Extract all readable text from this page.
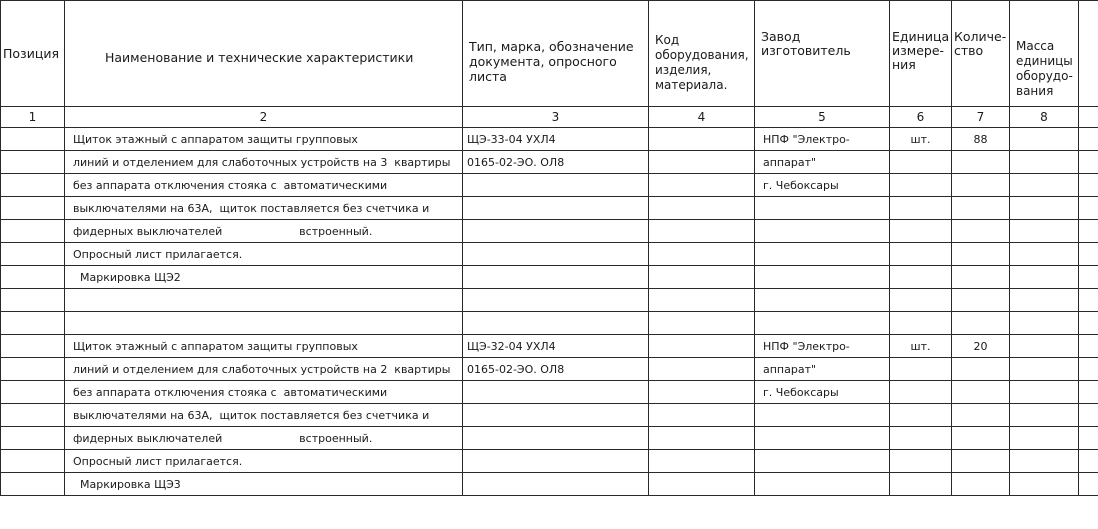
Позиция	Наименование и технические характеристики	Тип, марка, обозначение документа, опросного листа	Код оборудования, изделия, материала.	Завод изготовитель	Единица измере- ния	Количе- ство	Масса единицы оборудо- вания	
1	2	3	4	5	6	7	8	
	Щиток этажный с аппаратом защиты групповых	ЩЭ-33-04 УХЛ4		НПФ "Электро-	шт.	88		
	линий и отделением для слаботочных устройств на 3  квартиры	0165-02-ЭО. ОЛ8		аппарат"				
	без аппарата отключения стояка с  автоматическими			г. Чебоксары				
	выключателями на 63А,  щиток поставляется без счетчика и							
	фидерных выключателей                      встроенный.							
	Опросный лист прилагается.							
	Маркировка ЩЭ2							

	Щиток этажный с аппаратом защиты групповых	ЩЭ-32-04 УХЛ4		НПФ "Электро-	шт.	20		
	линий и отделением для слаботочных устройств на 2  квартиры	0165-02-ЭО. ОЛ8		аппарат"				
	без аппарата отключения стояка с  автоматическими			г. Чебоксары				
	выключателями на 63А,  щиток поставляется без счетчика и							
	фидерных выключателей                      встроенный.							
	Опросный лист прилагается.							
	Маркировка ЩЭ3							
